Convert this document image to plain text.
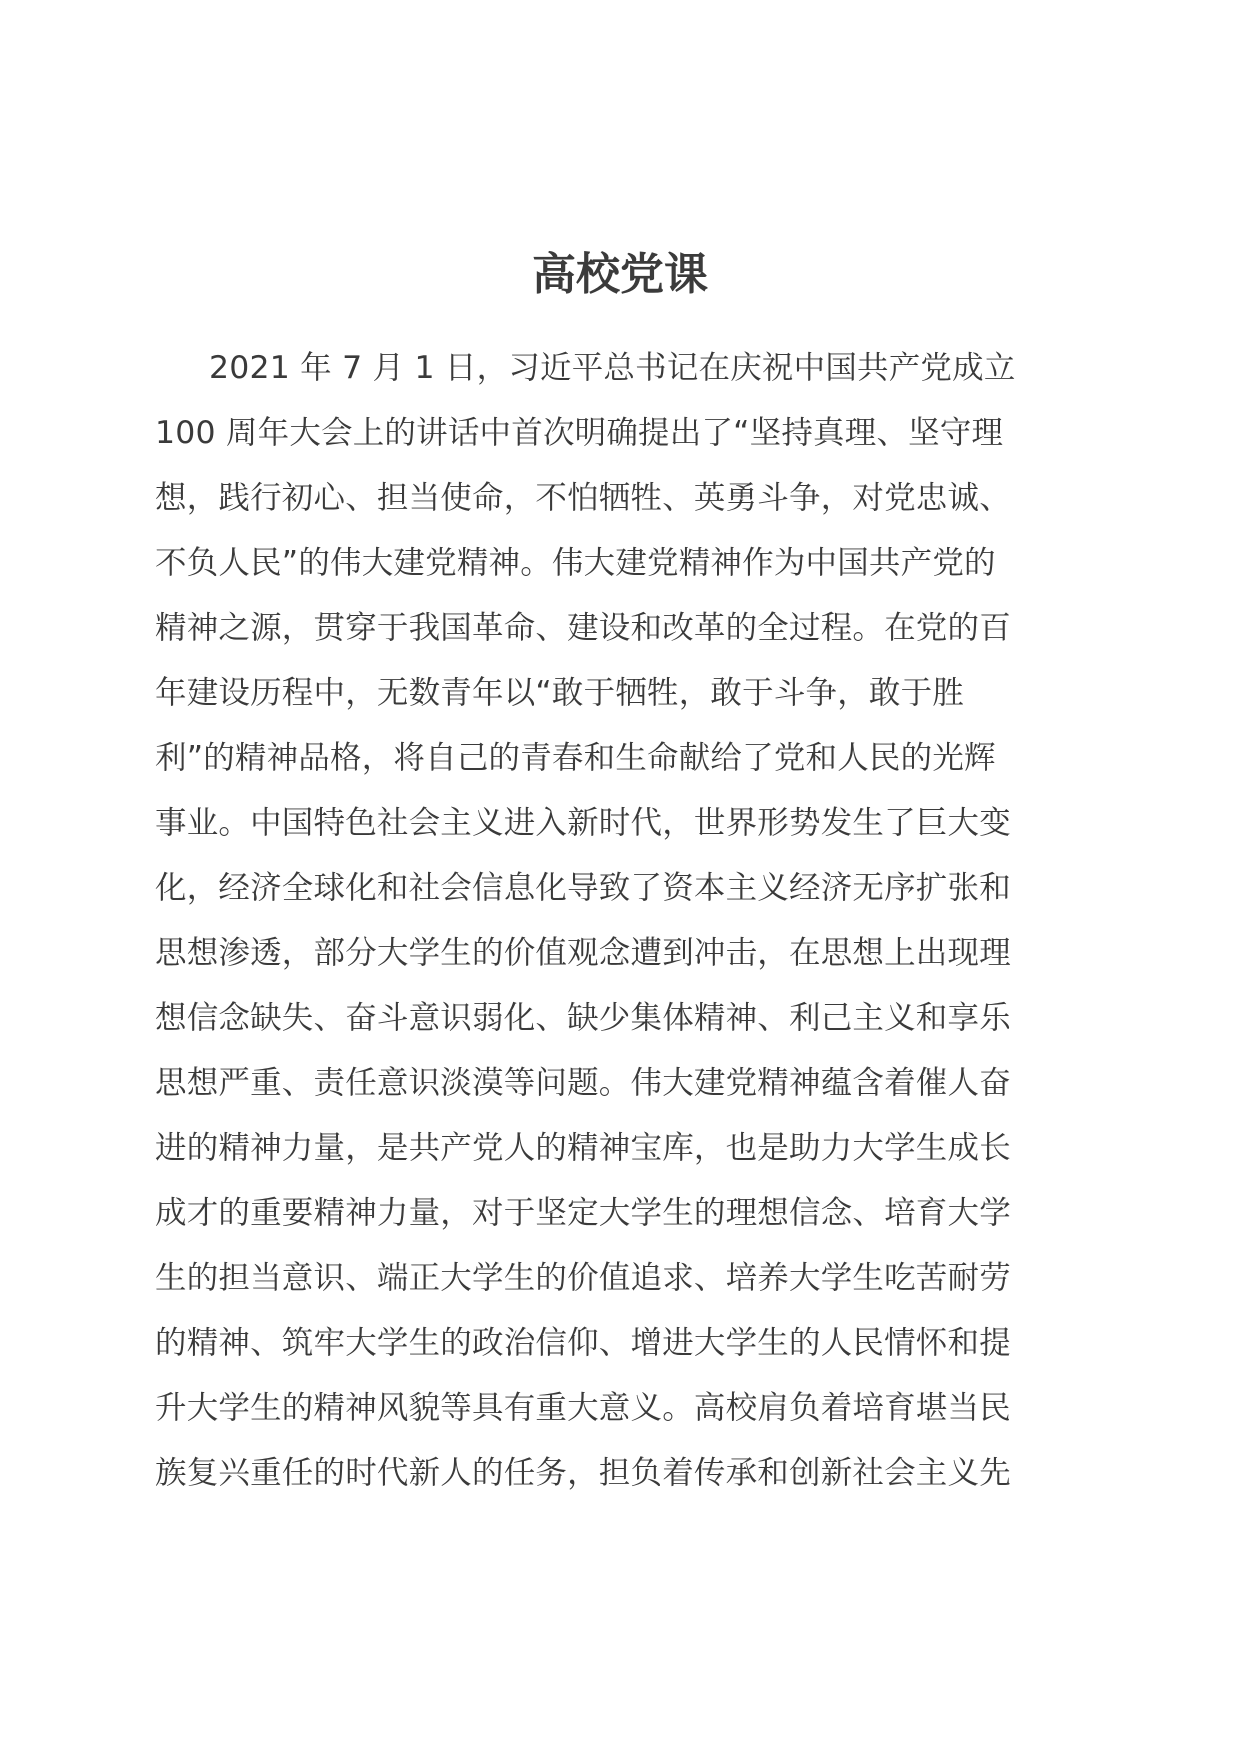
高校党课
2021 年 7 月 1 日，习近平总书记在庆祝中国共产党成立
100 周年大会上的讲话中首次明确提出了“坚持真理、坚守理
想，践行初心、担当使命，不怕牺牲、英勇斗争，对党忠诚、
不负人民”的伟大建党精神。伟大建党精神作为中国共产党的
精神之源，贯穿于我国革命、建设和改革的全过程。在党的百
年建设历程中，无数青年以“敢于牺牲，敢于斗争，敢于胜
利”的精神品格，将自己的青春和生命献给了党和人民的光辉
事业。中国特色社会主义进入新时代，世界形势发生了巨大变
化，经济全球化和社会信息化导致了资本主义经济无序扩张和
思想渗透，部分大学生的价值观念遭到冲击，在思想上出现理
想信念缺失、奋斗意识弱化、缺少集体精神、利己主义和享乐
思想严重、责任意识淡漠等问题。伟大建党精神蕴含着催人奋
进的精神力量，是共产党人的精神宝库，也是助力大学生成长
成才的重要精神力量，对于坚定大学生的理想信念、培育大学
生的担当意识、端正大学生的价值追求、培养大学生吃苦耐劳
的精神、筑牢大学生的政治信仰、增进大学生的人民情怀和提
升大学生的精神风貌等具有重大意义。高校肩负着培育堪当民
族复兴重任的时代新人的任务，担负着传承和创新社会主义先
